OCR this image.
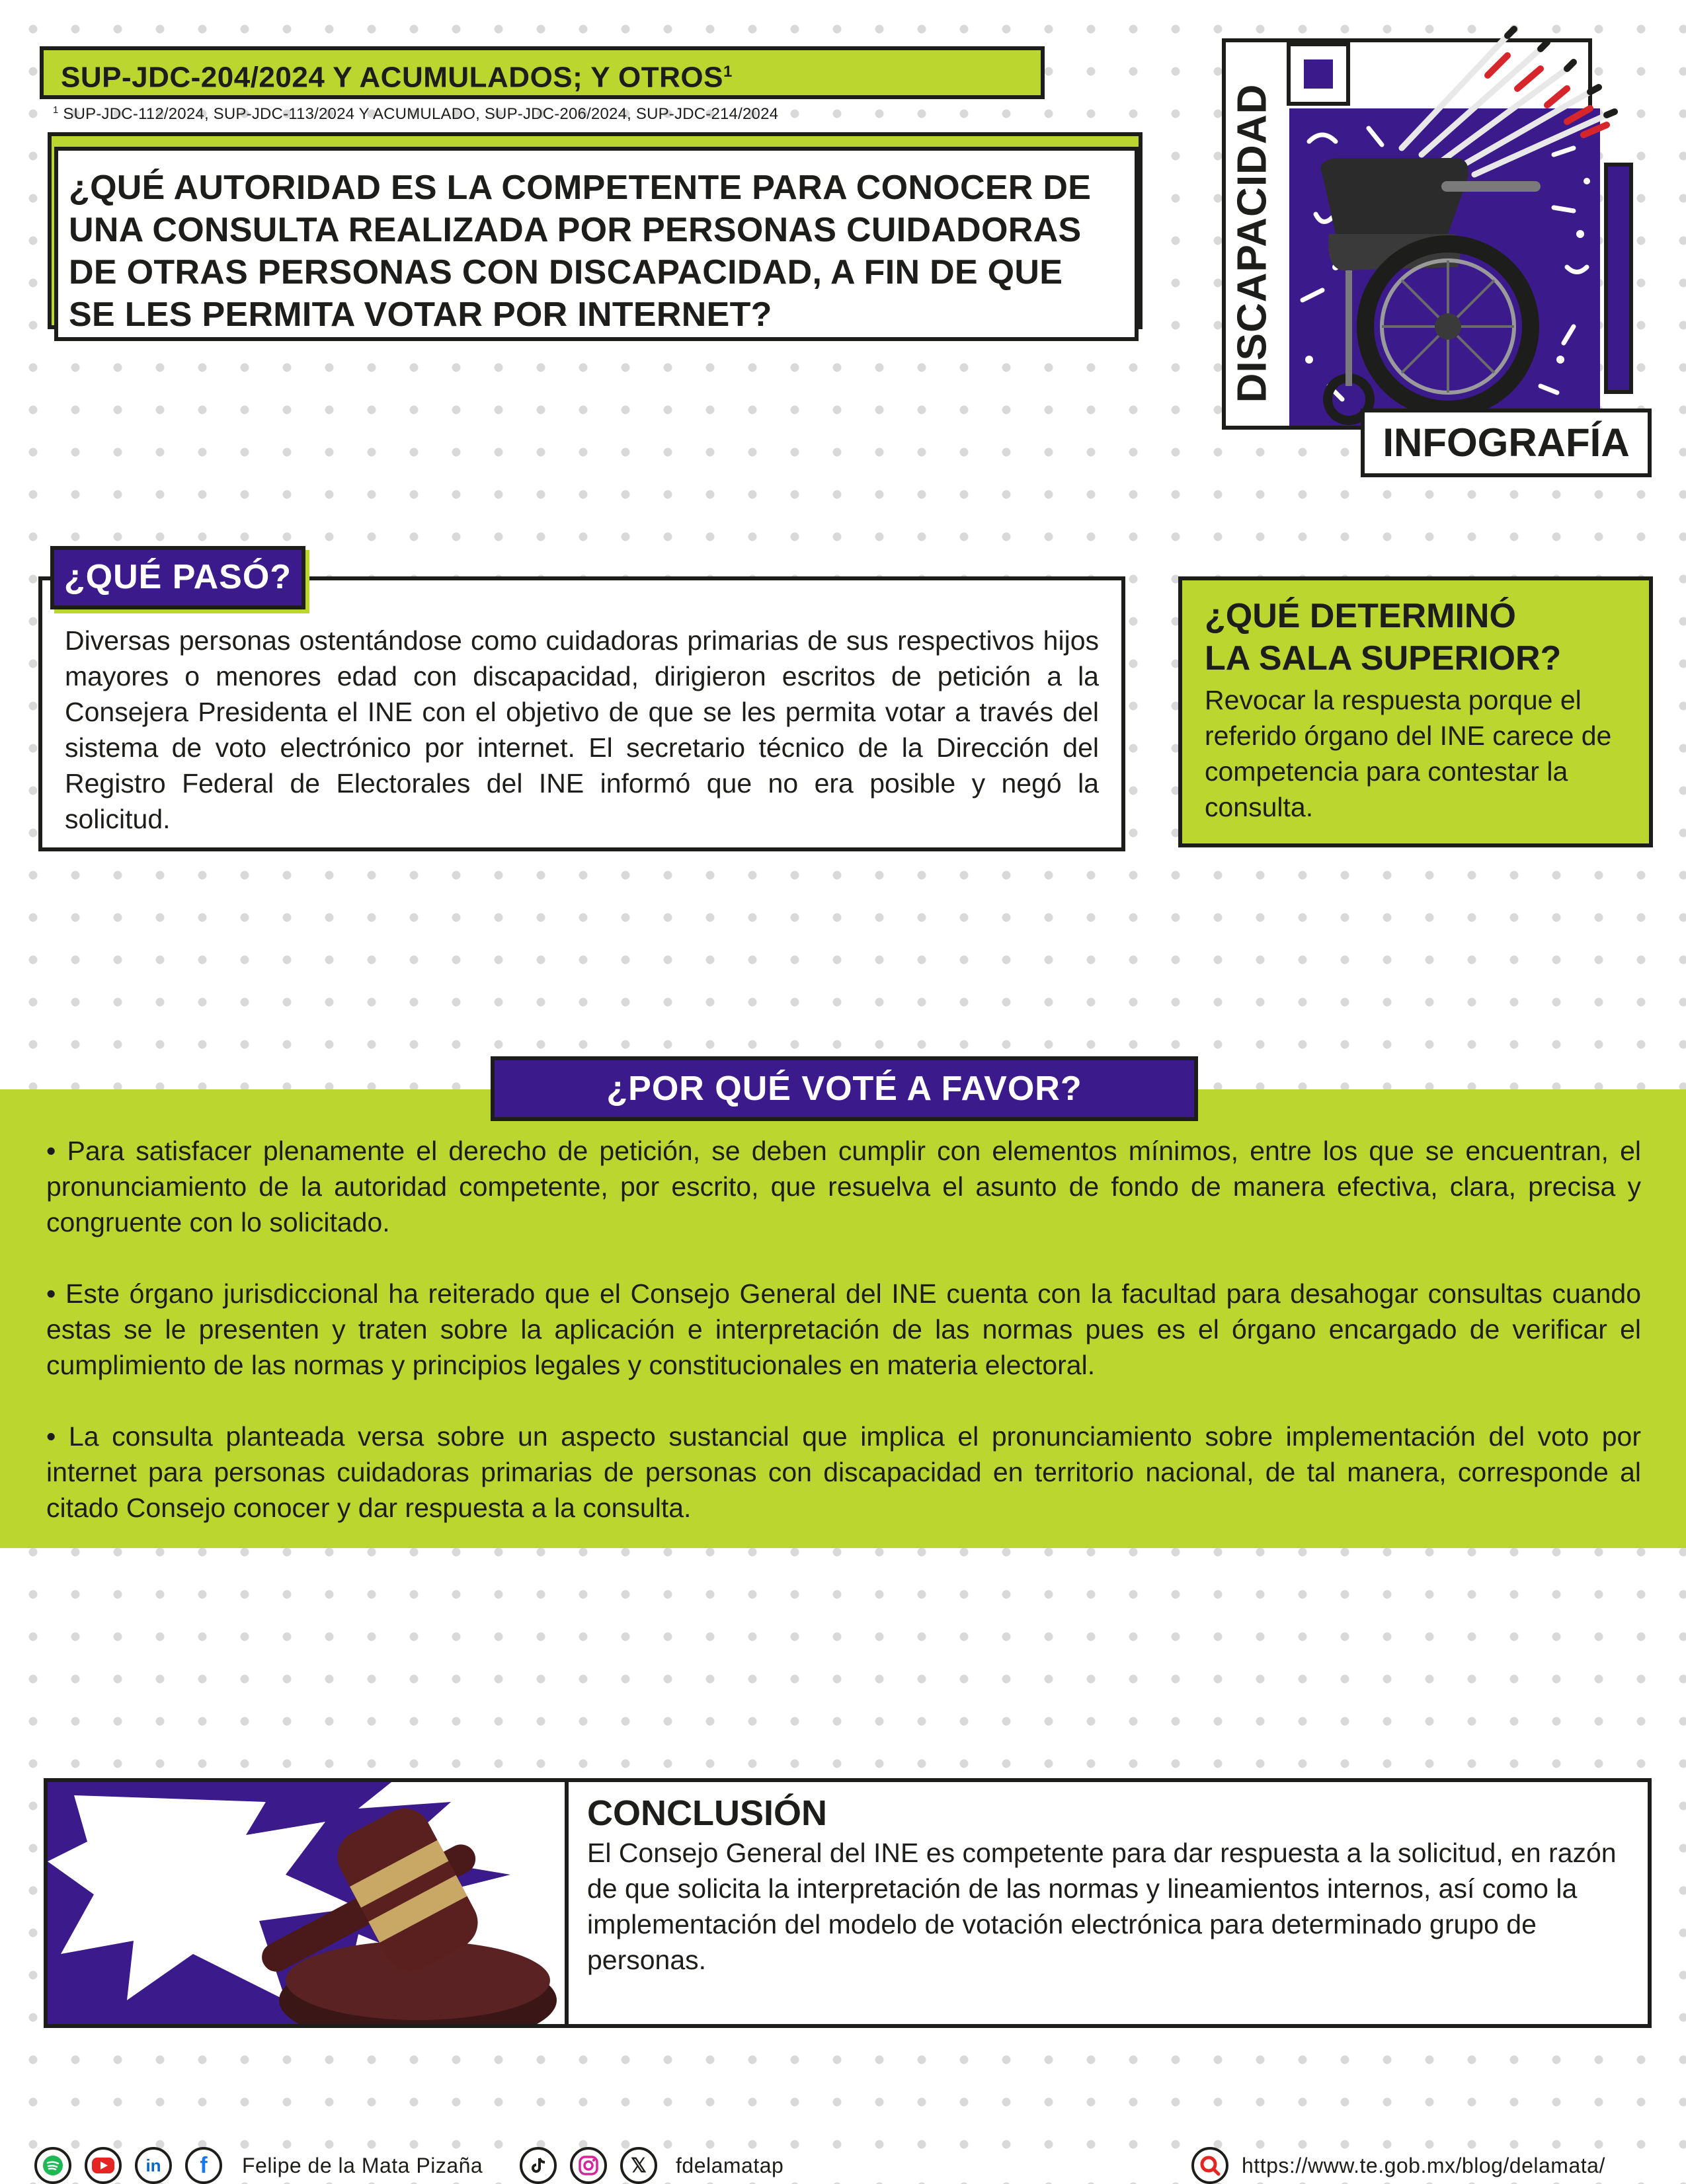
SUP-JDC-204/2024 Y ACUMULADOS; Y OTROS$^1$
$^1$ SUP-JDC-112/2024, SUP-JDC-113/2024 Y ACUMULADO, SUP-JDC-206/2024, SUP-JDC-214/2024
¿QUÉ AUTORIDAD ES LA COMPETENTE PARA CONOCER DE UNA CONSULTA REALIZADA POR PERSONAS CUIDADORAS DE OTRAS PERSONAS CON DISCAPACIDAD, A FIN DE QUE SE LES PERMITA VOTAR POR INTERNET?	DISCAPACIDAD
INFOGRAFÍA
Diversas personas ostentándose como cuidadoras primarias de sus respectivos hijos mayores o menores edad con discapacidad, dirigieron escritos de petición a la Consejera Presidenta el INE con el objetivo de que se les permita votar a través del sistema de voto electrónico por internet. El secretario técnico de la Dirección del Registro Federal de Electorales del INE informó que no era posible y negó la solicitud.
¿QUÉ PASÓ?
¿QUÉ DETERMINÓ
LA SALA SUPERIOR?
Revocar la respuesta porque el referido órgano del INE carece de competencia para contestar la consulta.
¿POR QUÉ VOTÉ A FAVOR?

• Para satisfacer plenamente el derecho de petición, se deben cumplir con elementos mínimos, entre los que se encuentran, el pronunciamiento de la autoridad competente, por escrito, que resuelva el asunto de fondo de manera efectiva, clara, precisa y congruente con lo solicitado.

• Este órgano jurisdiccional ha reiterado que el Consejo General del INE cuenta con la facultad para desahogar consultas cuando estas se le presenten y traten sobre la aplicación e interpretación de las normas pues es el órgano encargado de verificar el cumplimiento de las normas y principios legales y constitucionales en materia electoral.

• La consulta planteada versa sobre un aspecto sustancial que implica el pronunciamiento sobre implementación del voto por internet para personas cuidadoras primarias de personas con discapacidad en territorio nacional, de tal manera, corresponde al citado Consejo conocer y dar respuesta a la consulta.

CONCLUSIÓN
El Consejo General del INE es competente para dar respuesta a la solicitud, en razón de que solicita la interpretación de las normas y lineamientos internos, así como la implementación del modelo de votación electrónica para determinado grupo de personas.
in	f	Felipe de la Mata Pizaña	𝕏	fdelamatap	https://www.te.gob.mx/blog/delamata/
